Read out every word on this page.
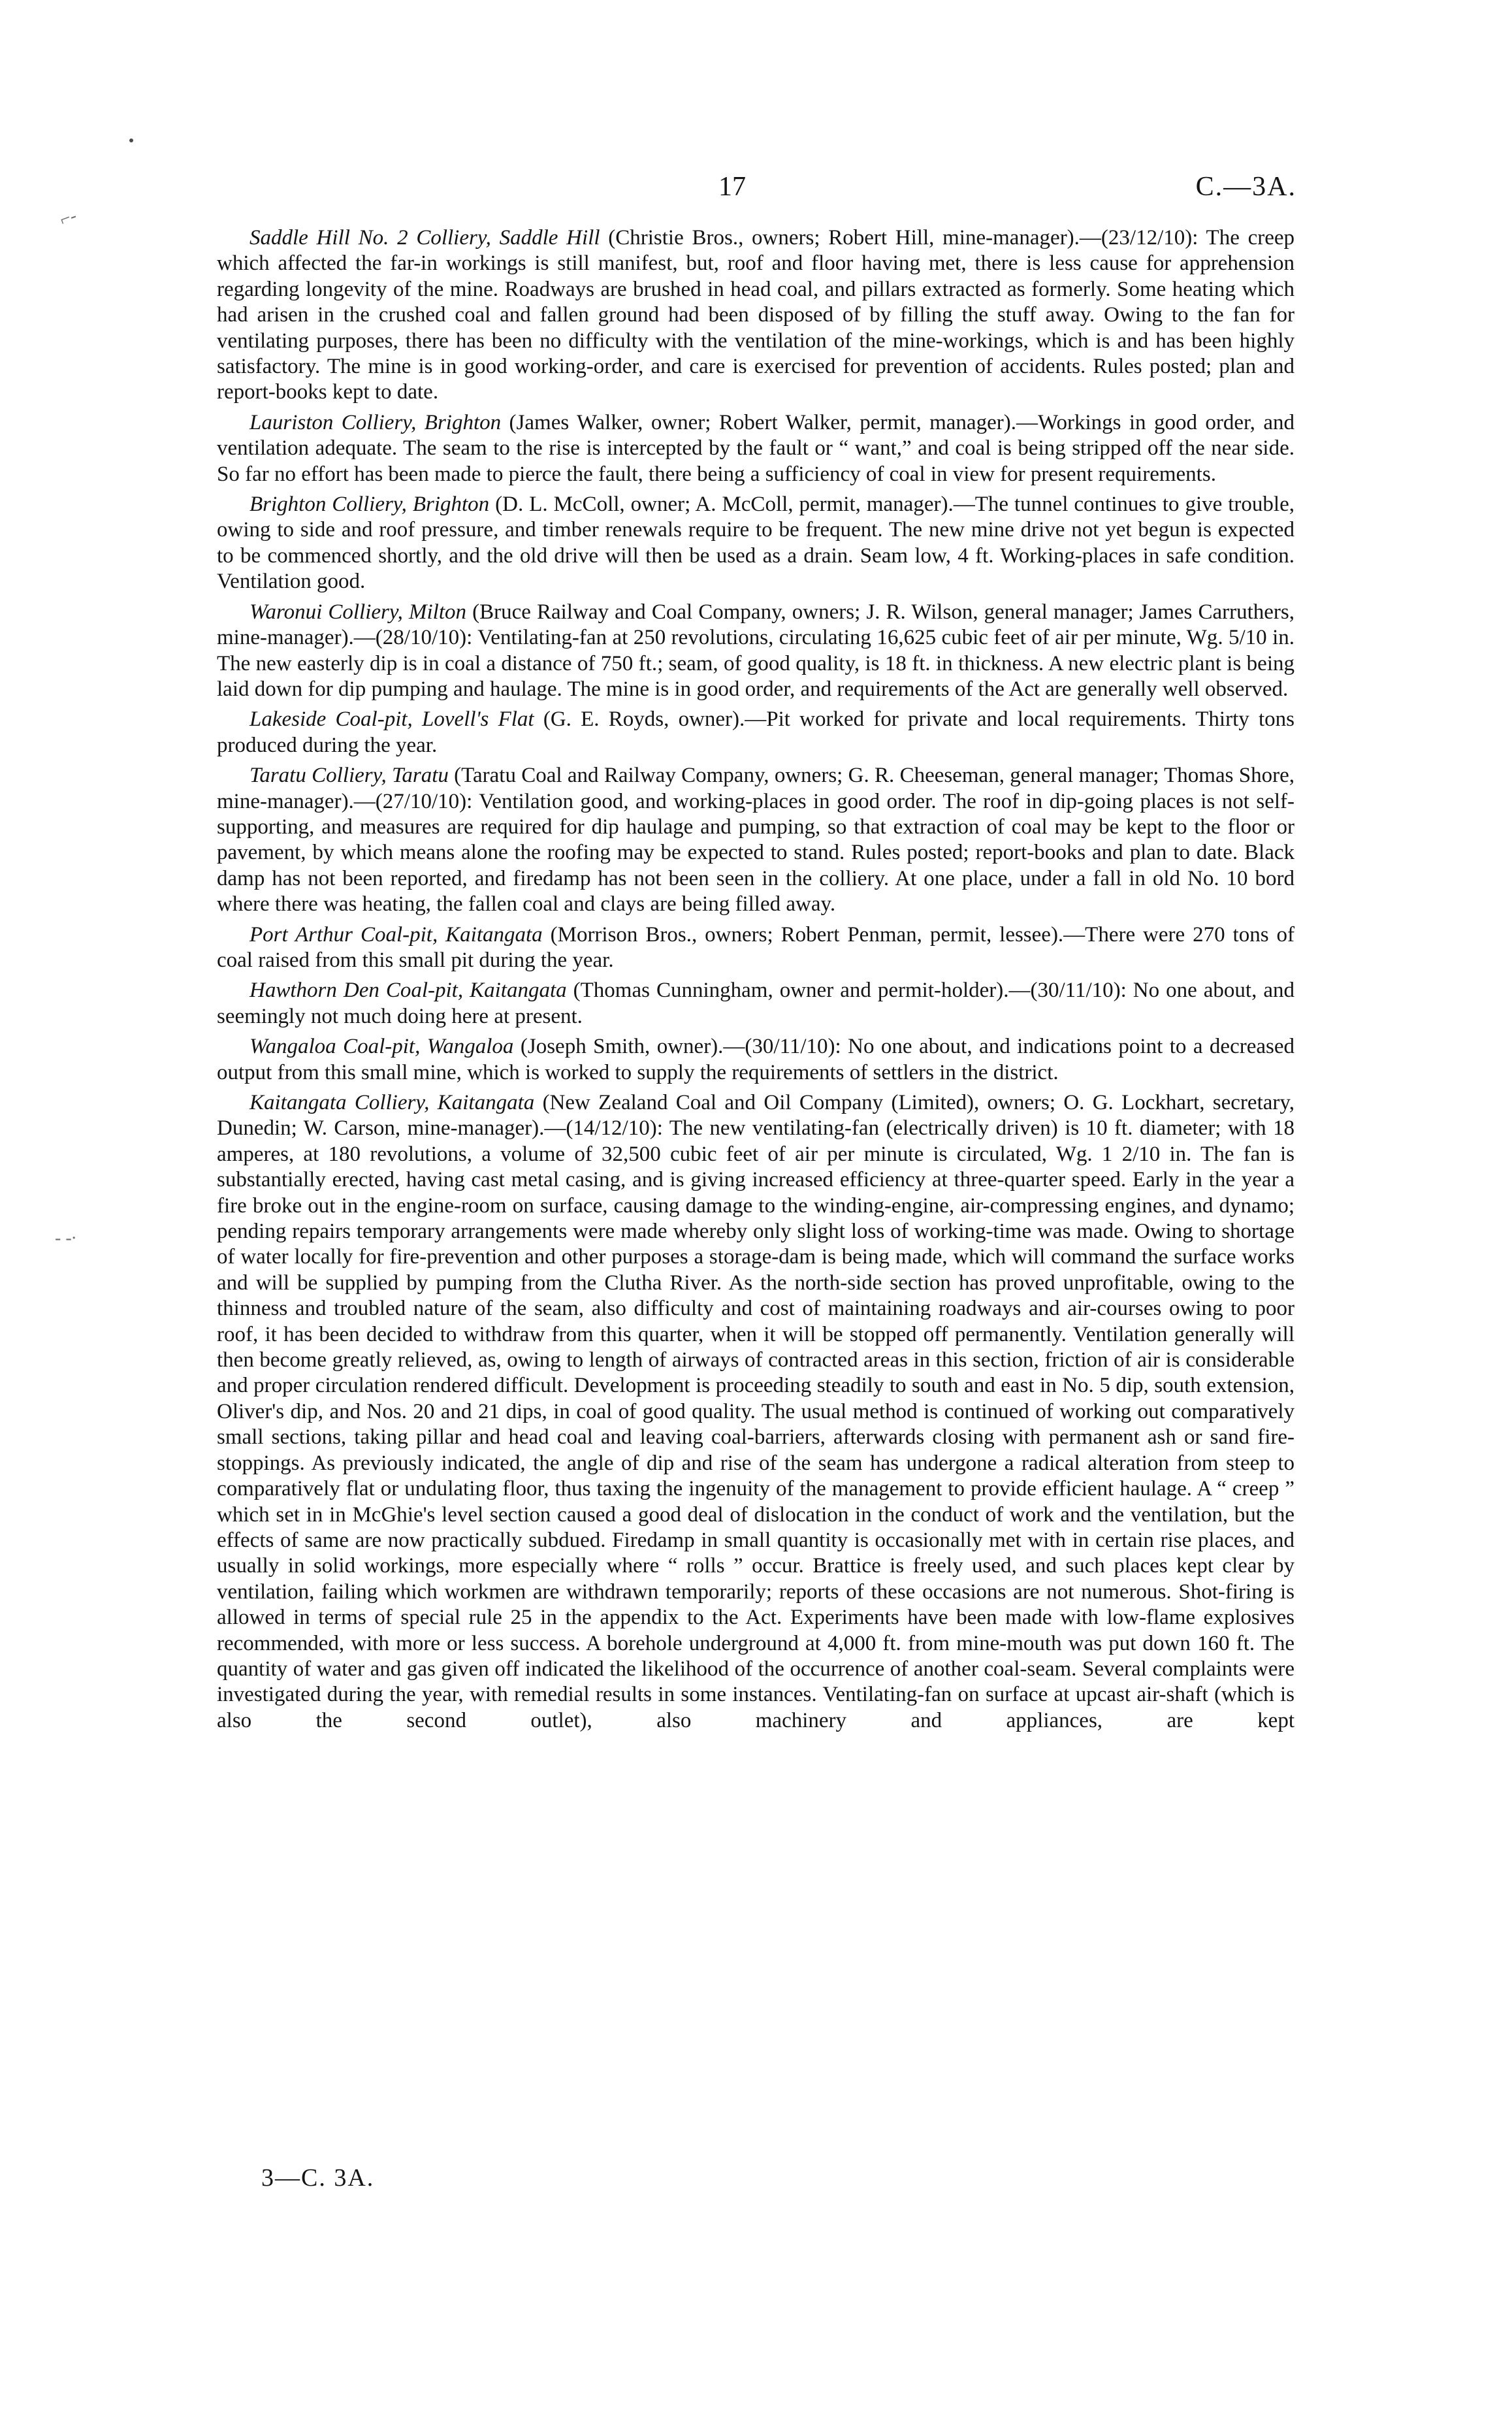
⌐-
- -∙
17	C.—3A.

Saddle Hill No. 2 Colliery, Saddle Hill (Christie Bros., owners; Robert Hill, mine-manager).—(23/12/10): The creep which affected the far-in workings is still manifest, but, roof and floor having met, there is less cause for apprehension regarding longevity of the mine. Roadways are brushed in head coal, and pillars extracted as formerly. Some heating which had arisen in the crushed coal and fallen ground had been disposed of by filling the stuff away. Owing to the fan for ventilating purposes, there has been no difficulty with the ventilation of the mine-workings, which is and has been highly satisfactory. The mine is in good working-order, and care is exercised for prevention of accidents. Rules posted; plan and report-books kept to date.

Lauriston Colliery, Brighton (James Walker, owner; Robert Walker, permit, manager).—Workings in good order, and ventilation adequate. The seam to the rise is intercepted by the fault or “ want,” and coal is being stripped off the near side. So far no effort has been made to pierce the fault, there being a sufficiency of coal in view for present requirements.

Brighton Colliery, Brighton (D. L. McColl, owner; A. McColl, permit, manager).—The tunnel continues to give trouble, owing to side and roof pressure, and timber renewals require to be frequent. The new mine drive not yet begun is expected to be commenced shortly, and the old drive will then be used as a drain. Seam low, 4 ft. Working-places in safe condition. Ventilation good.

Waronui Colliery, Milton (Bruce Railway and Coal Company, owners; J. R. Wilson, general manager; James Carruthers, mine-manager).—(28/10/10): Ventilating-fan at 250 revolutions, circulating 16,625 cubic feet of air per minute, Wg. 5/10 in. The new easterly dip is in coal a distance of 750 ft.; seam, of good quality, is 18 ft. in thickness. A new electric plant is being laid down for dip pumping and haulage. The mine is in good order, and requirements of the Act are generally well observed.

Lakeside Coal-pit, Lovell's Flat (G. E. Royds, owner).—Pit worked for private and local requirements. Thirty tons produced during the year.

Taratu Colliery, Taratu (Taratu Coal and Railway Company, owners; G. R. Cheeseman, general manager; Thomas Shore, mine-manager).—(27/10/10): Ventilation good, and working-places in good order. The roof in dip-going places is not self-supporting, and measures are required for dip haulage and pumping, so that extraction of coal may be kept to the floor or pavement, by which means alone the roofing may be expected to stand. Rules posted; report-books and plan to date. Black damp has not been reported, and firedamp has not been seen in the colliery. At one place, under a fall in old No. 10 bord where there was heating, the fallen coal and clays are being filled away.

Port Arthur Coal-pit, Kaitangata (Morrison Bros., owners; Robert Penman, permit, lessee).—There were 270 tons of coal raised from this small pit during the year.

Hawthorn Den Coal-pit, Kaitangata (Thomas Cunningham, owner and permit-holder).—(30/11/10): No one about, and seemingly not much doing here at present.

Wangaloa Coal-pit, Wangaloa (Joseph Smith, owner).—(30/11/10): No one about, and indications point to a decreased output from this small mine, which is worked to supply the requirements of settlers in the district.

Kaitangata Colliery, Kaitangata (New Zealand Coal and Oil Company (Limited), owners; O. G. Lockhart, secretary, Dunedin; W. Carson, mine-manager).—(14/12/10): The new ventilating-fan (electrically driven) is 10 ft. diameter; with 18 amperes, at 180 revolutions, a volume of 32,500 cubic feet of air per minute is circulated, Wg. 1 2/10 in. The fan is substantially erected, having cast metal casing, and is giving increased efficiency at three-quarter speed. Early in the year a fire broke out in the engine-room on surface, causing damage to the winding-engine, air-compressing engines, and dynamo; pending repairs temporary arrangements were made whereby only slight loss of working-time was made. Owing to shortage of water locally for fire-prevention and other purposes a storage-dam is being made, which will command the surface works and will be supplied by pumping from the Clutha River. As the north-side section has proved unprofitable, owing to the thinness and troubled nature of the seam, also difficulty and cost of maintaining roadways and air-courses owing to poor roof, it has been decided to withdraw from this quarter, when it will be stopped off permanently. Ventilation generally will then become greatly relieved, as, owing to length of airways of contracted areas in this section, friction of air is considerable and proper circulation rendered difficult. Development is proceeding steadily to south and east in No. 5 dip, south extension, Oliver's dip, and Nos. 20 and 21 dips, in coal of good quality. The usual method is continued of working out comparatively small sections, taking pillar and head coal and leaving coal-barriers, afterwards closing with permanent ash or sand fire-stoppings. As previously indicated, the angle of dip and rise of the seam has undergone a radical alteration from steep to comparatively flat or undulating floor, thus taxing the ingenuity of the management to provide efficient haulage. A “ creep ” which set in in McGhie's level section caused a good deal of dislocation in the conduct of work and the ventilation, but the effects of same are now practically subdued. Firedamp in small quantity is occasionally met with in certain rise places, and usually in solid workings, more especially where “ rolls ” occur. Brattice is freely used, and such places kept clear by ventilation, failing which workmen are withdrawn temporarily; reports of these occasions are not numerous. Shot-firing is allowed in terms of special rule 25 in the appendix to the Act. Experiments have been made with low-flame explosives recommended, with more or less success. A borehole underground at 4,000 ft. from mine-mouth was put down 160 ft. The quantity of water and gas given off indicated the likelihood of the occurrence of another coal-seam. Several complaints were investigated during the year, with remedial results in some instances. Ventilating-fan on surface at upcast air-shaft (which is also the second outlet), also machinery and appliances, are kept

3—C. 3A.
